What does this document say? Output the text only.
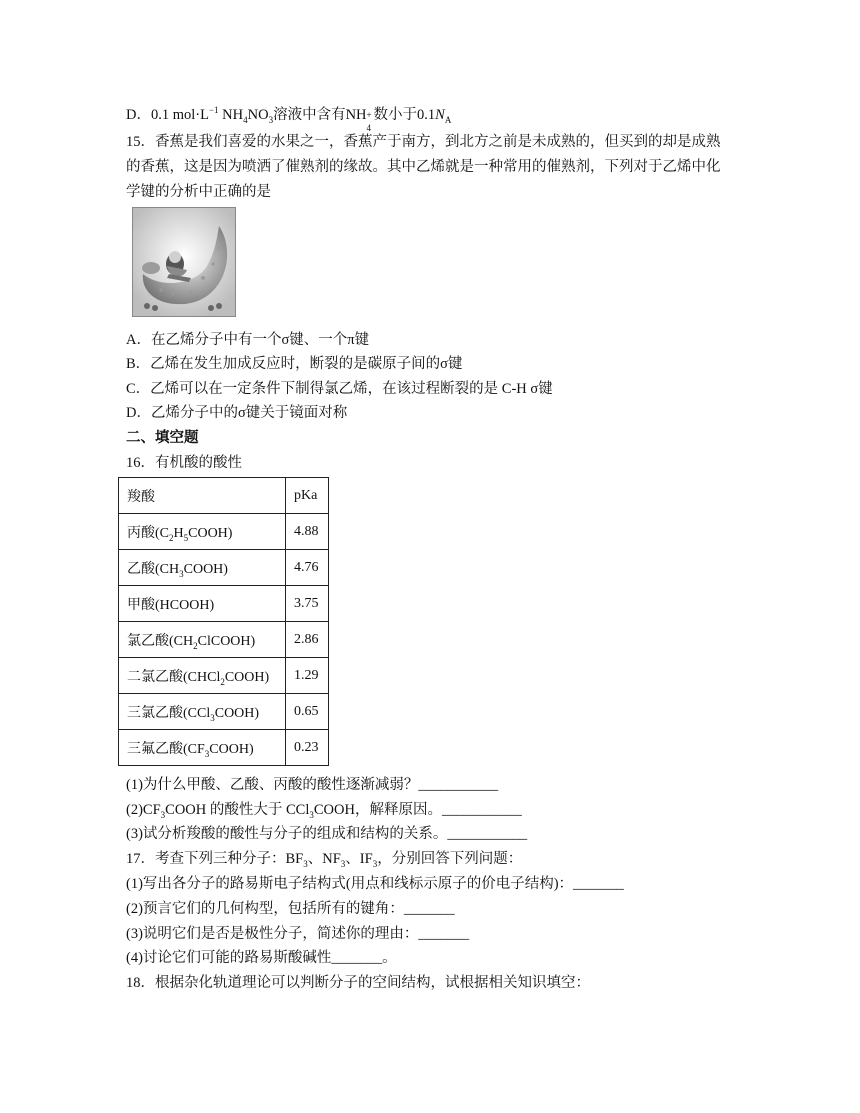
D．0.1 $mol\cdot L^{-1}$ $NH_4NO_3$溶液中含有NH +
4
数小于$0.1N_A$
15．香蕉是我们喜爱的水果之一，香蕉产于南方，到北方之前是未成熟的，但买到的却是成熟
的香蕉，这是因为喷洒了催熟剂的缘故。其中乙烯就是一种常用的催熟剂，下列对于乙烯中化
学键的分析中正确的是
A．在乙烯分子中有一个σ键、一个π键
B．乙烯在发生加成反应时，断裂的是碳原子间的σ键
C．乙烯可以在一定条件下制得氯乙烯，在该过程断裂的是 C-H σ键
D．乙烯分子中的σ键关于镜面对称
二、填空题
16．有机酸的酸性
羧酸	pKa
丙酸$(C_2H_5COOH)$	4.88
乙酸$(CH_3COOH)$	4.76
甲酸(HCOOH)	3.75
氯乙酸$(CH_2ClCOOH)$	2.86
二氯乙酸(CHCl$_2$COOH)	1.29
三氯乙酸(CCl$_3$COOH)	0.65
三氟乙酸$(CF_3COOH)$	0.23
(1)为什么甲酸、乙酸、丙酸的酸性逐渐减弱？___________
$(2)CF_3COOH$ 的酸性大于 CCl$_3$COOH，解释原因。___________
(3)试分析羧酸的酸性与分子的组成和结构的关系。___________
17．考查下列三种分子：$BF_3$、$NF_3$、$IF_3$，分别回答下列问题：
(1)写出各分子的路易斯电子结构式(用点和线标示原子的价电子结构)：_______
(2)预言它们的几何构型，包括所有的键角：_______
(3)说明它们是否是极性分子，简述你的理由：_______
(4)讨论它们可能的路易斯酸碱性_______。
18．根据杂化轨道理论可以判断分子的空间结构，试根据相关知识填空：
